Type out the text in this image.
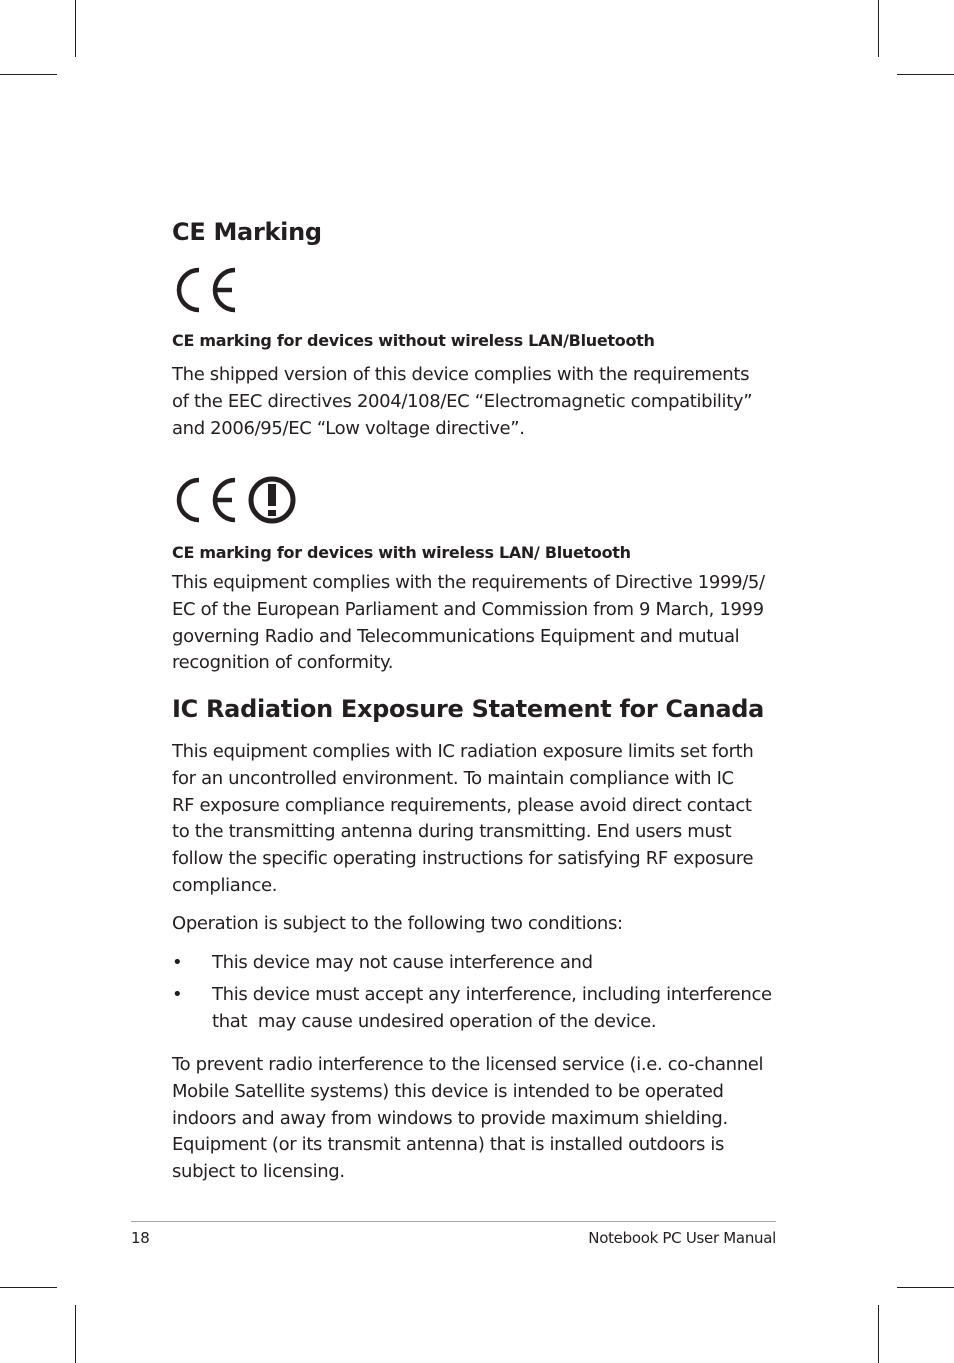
CE Marking
CE marking for devices without wireless LAN/Bluetooth
The shipped version of this device complies with the requirements
of the EEC directives 2004/108/EC “Electromagnetic compatibility”
and 2006/95/EC “Low voltage directive”.
CE marking for devices with wireless LAN/ Bluetooth
This equipment complies with the requirements of Directive 1999/5/
EC of the European Parliament and Commission from 9 March, 1999
governing Radio and Telecommunications Equipment and mutual
recognition of conformity.
IC Radiation Exposure Statement for Canada
This equipment complies with IC radiation exposure limits set forth
for an uncontrolled environment. To maintain compliance with IC
RF exposure compliance requirements, please avoid direct contact
to the transmitting antenna during transmitting. End users must
follow the specific operating instructions for satisfying RF exposure
compliance.
Operation is subject to the following two conditions:
• This device may not cause interference and
• This device must accept any interference, including interference
that  may cause undesired operation of the device.
To prevent radio interference to the licensed service (i.e. co-channel
Mobile Satellite systems) this device is intended to be operated
indoors and away from windows to provide maximum shielding.
Equipment (or its transmit antenna) that is installed outdoors is
subject to licensing.
18	Notebook PC User Manual
